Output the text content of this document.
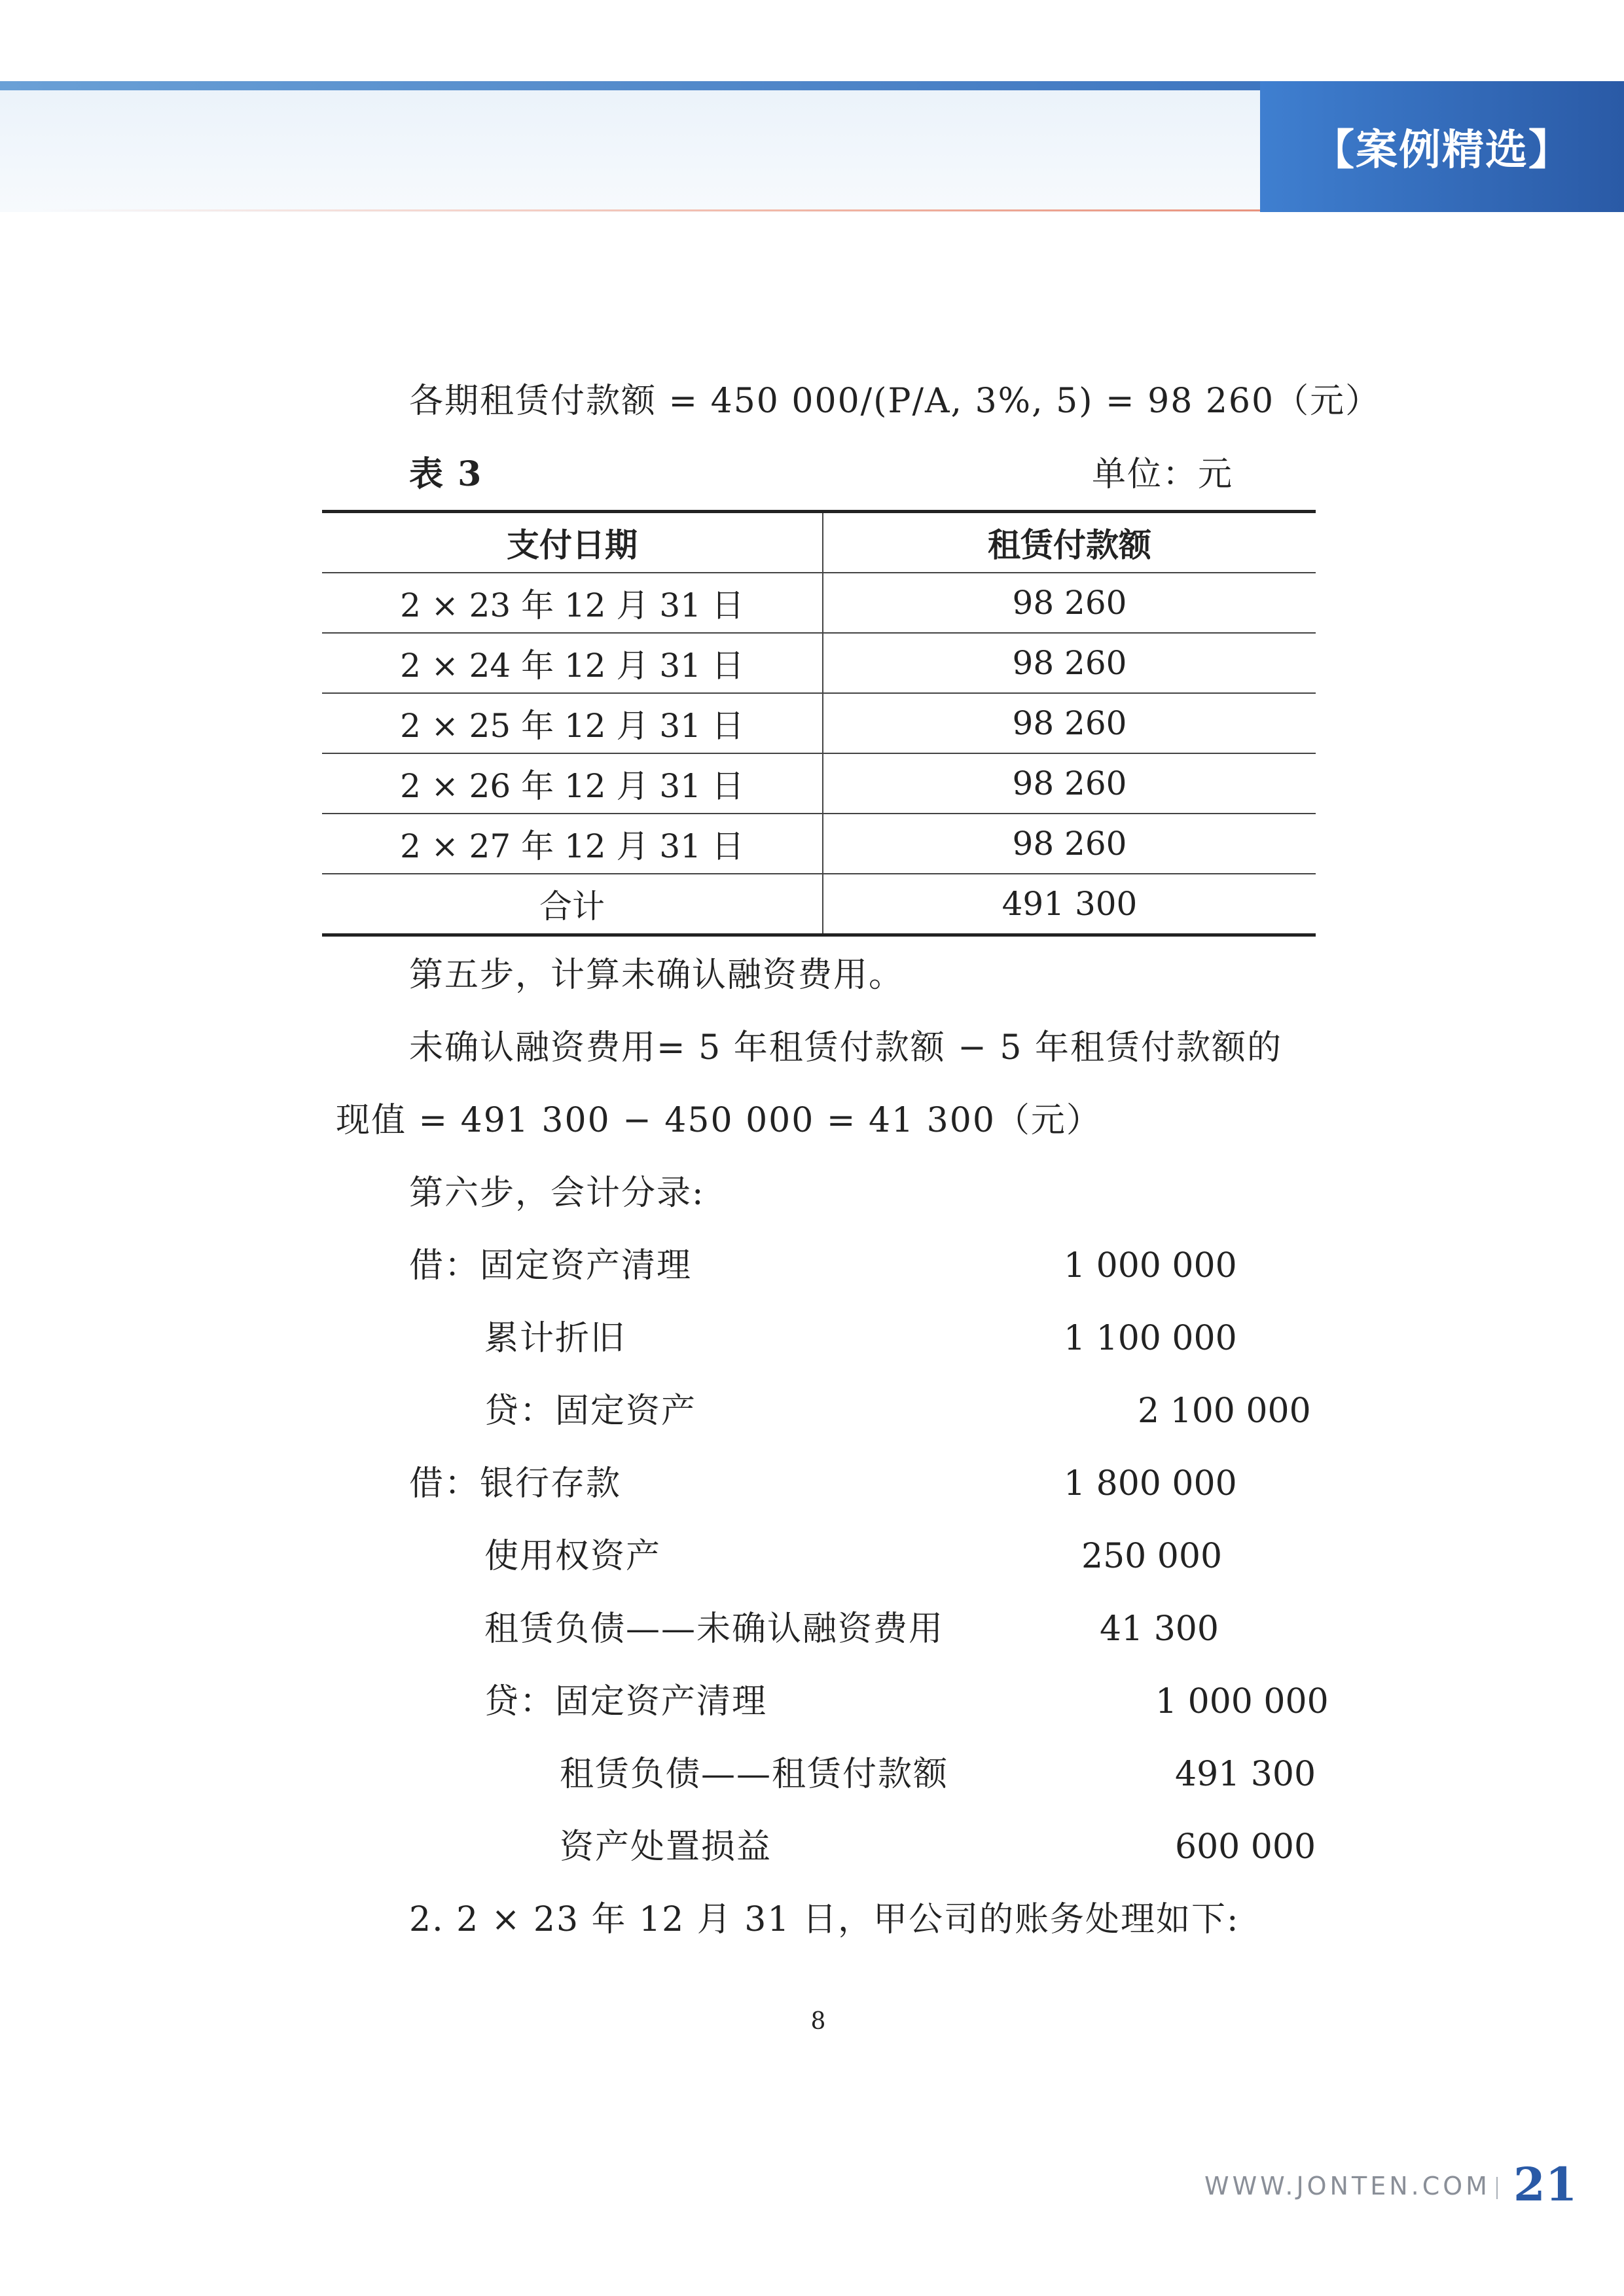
【案例精选】
各期租赁付款额 = 450 000/(P/A, 3%, 5) = 98 260（元）
表 3	单位：元
支付日期	租赁付款额
2 × 23 年 12 月 31 日	98 260
2 × 24 年 12 月 31 日	98 260
2 × 25 年 12 月 31 日	98 260
2 × 26 年 12 月 31 日	98 260
2 × 27 年 12 月 31 日	98 260
合计	491 300
第五步，计算未确认融资费用。
未确认融资费用= 5 年租赁付款额 − 5 年租赁付款额的
现值 = 491 300 − 450 000 = 41 300（元）
第六步，会计分录:
借：固定资产清理	1 000 000
累计折旧	1 100 000
贷：固定资产	2 100 000
借：银行存款	1 800 000
使用权资产	250 000
租赁负债——未确认融资费用	41 300
贷：固定资产清理	1 000 000
租赁负债——租赁付款额	491 300
资产处置损益	600 000
2. 2 × 23 年 12 月 31 日，甲公司的账务处理如下:
8
WWW.JONTEN.COM 21
